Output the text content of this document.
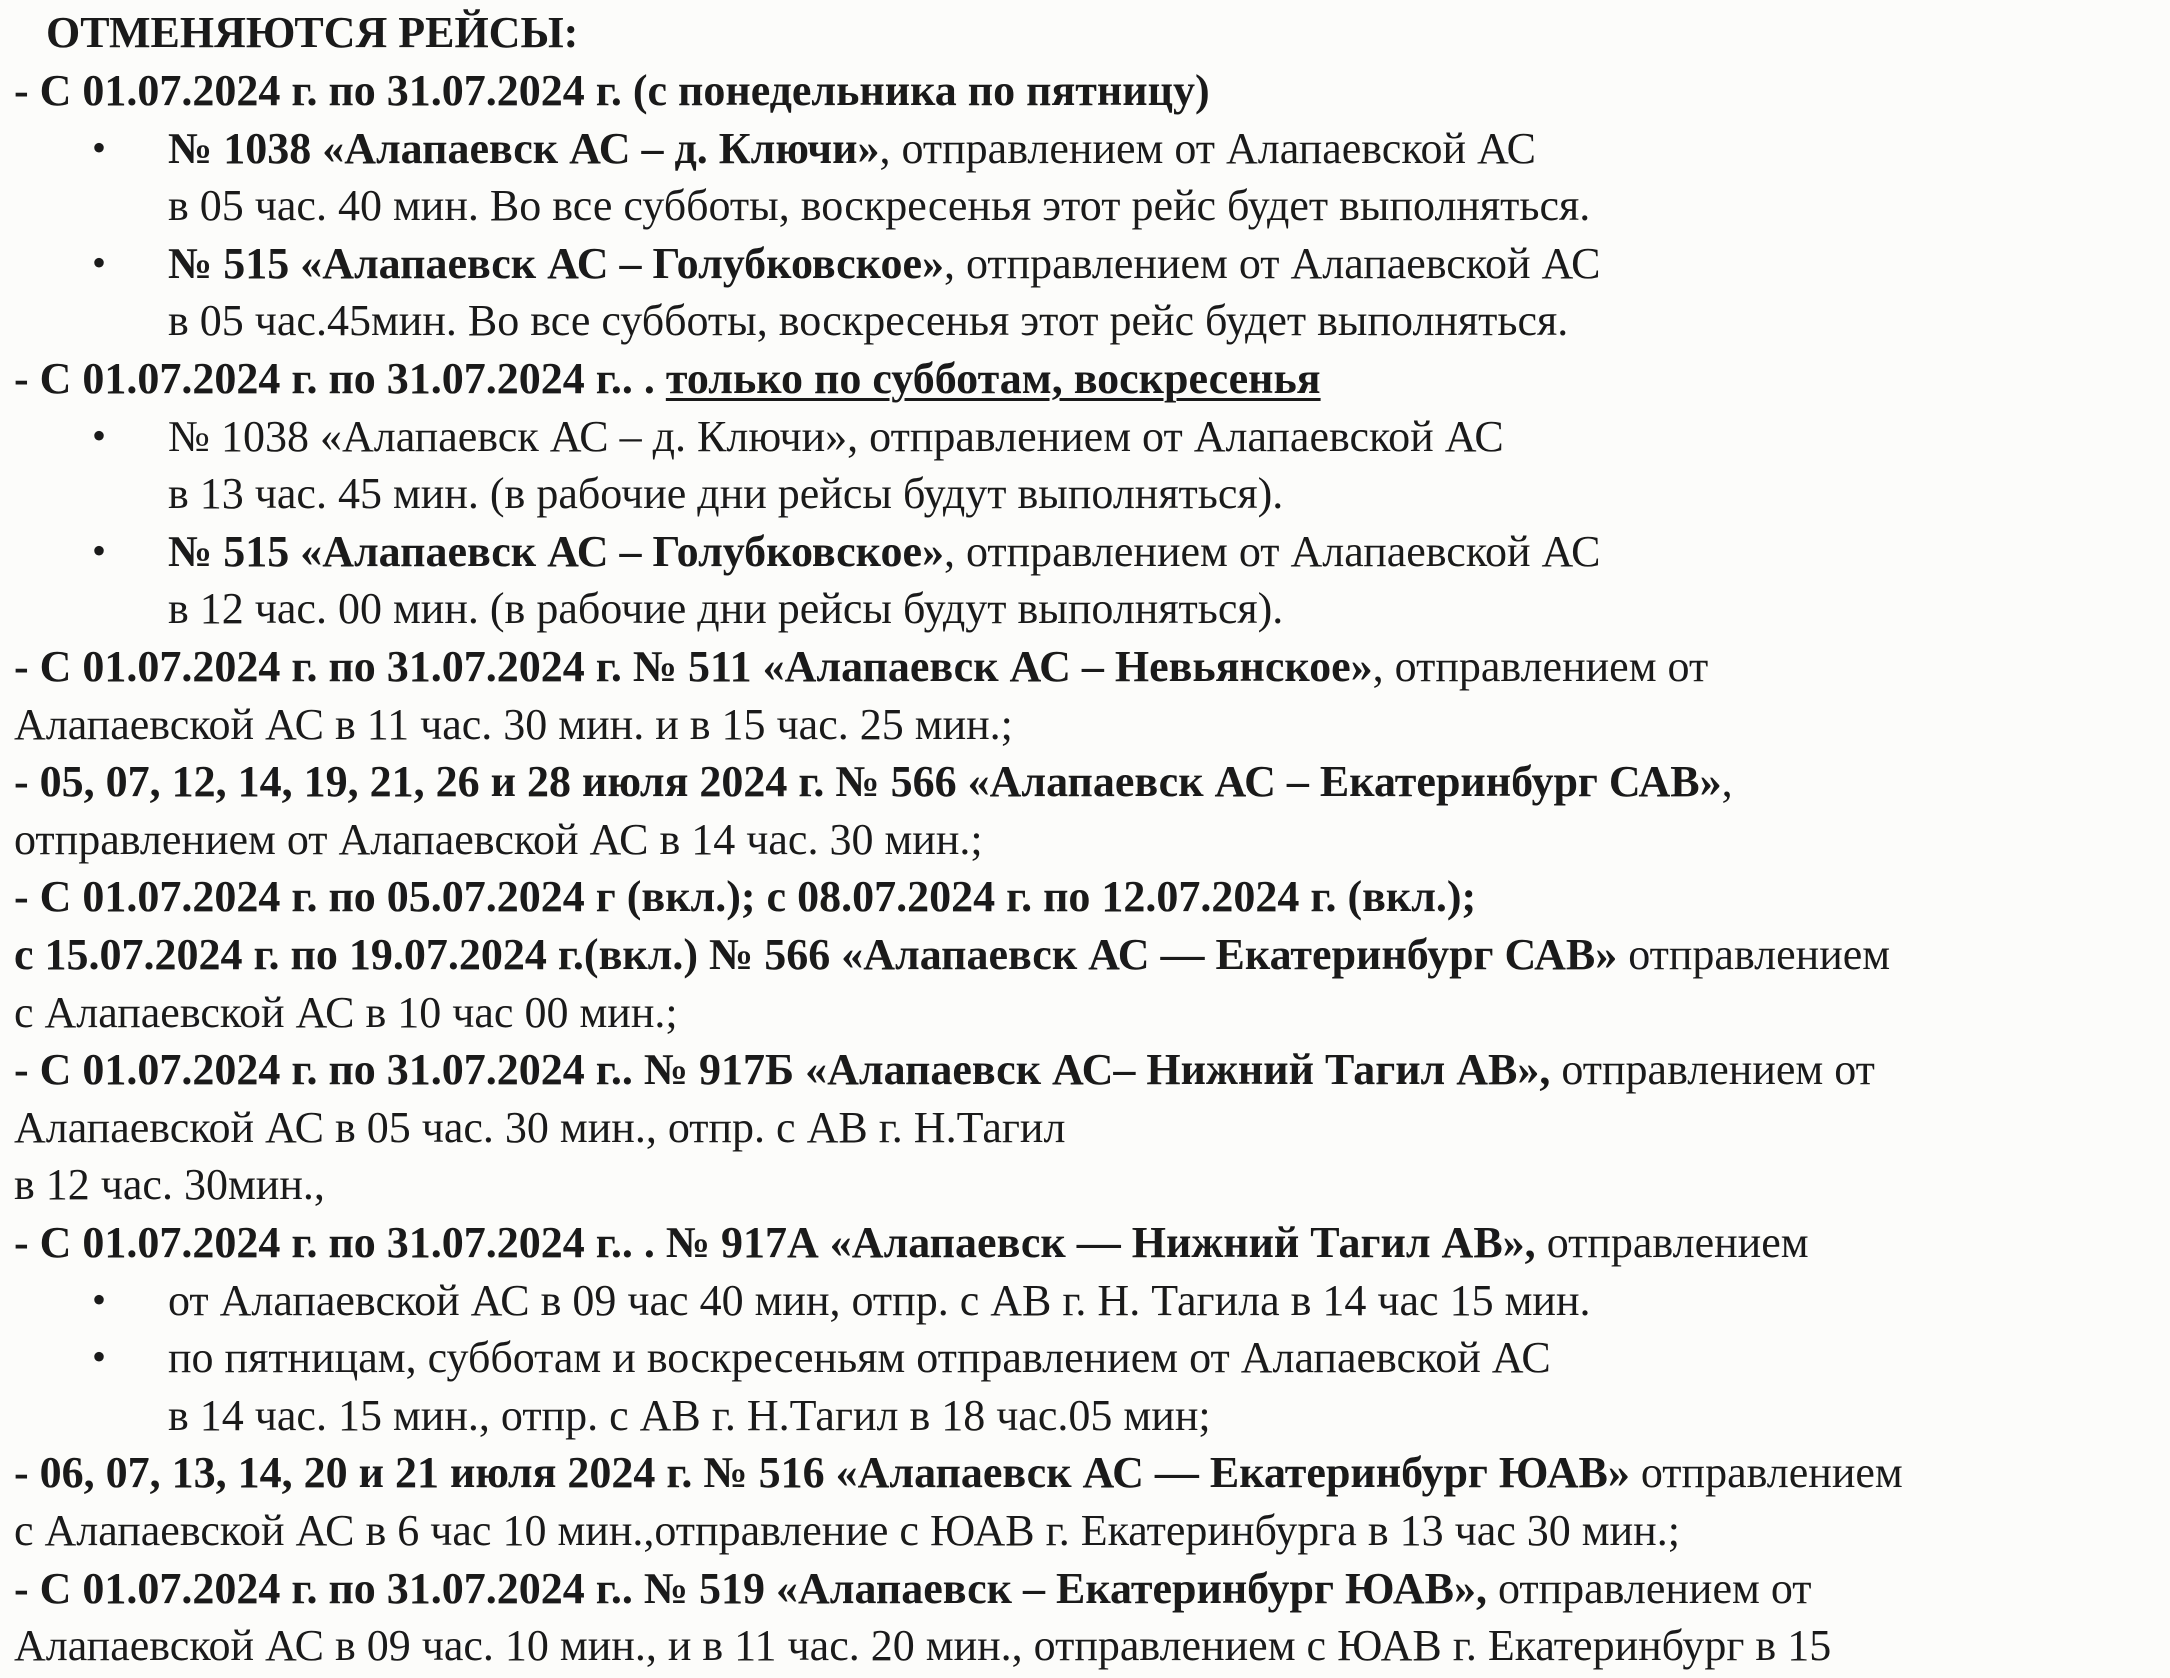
ОТМЕНЯЮТСЯ РЕЙСЫ:
- С 01.07.2024 г. по 31.07.2024 г. (с понедельника по пятницу)
№ 1038 «Алапаевск АС – д. Ключи», отправлением от Алапаевской АС
•
в 05 час. 40 мин. Во все субботы, воскресенья этот рейс будет выполняться.
№ 515 «Алапаевск АС – Голубковское», отправлением от Алапаевской АС
•
в 05 час.45мин. Во все субботы, воскресенья этот рейс будет выполняться.
- С 01.07.2024 г. по 31.07.2024 г.. . только по субботам, воскресенья
№ 1038 «Алапаевск АС – д. Ключи», отправлением от Алапаевской АС
•
в 13 час. 45 мин. (в рабочие дни рейсы будут выполняться).
№ 515 «Алапаевск АС – Голубковское», отправлением от Алапаевской АС
•
в 12 час. 00 мин. (в рабочие дни рейсы будут выполняться).
- С 01.07.2024 г. по 31.07.2024 г. № 511 «Алапаевск АС – Невьянское», отправлением от
Алапаевской АС в 11 час. 30 мин. и в 15 час. 25 мин.;
- 05, 07, 12, 14, 19, 21, 26 и 28 июля 2024 г. № 566 «Алапаевск АС – Екатеринбург САВ»,
отправлением от Алапаевской АС в 14 час. 30 мин.;
- С 01.07.2024 г. по 05.07.2024 г (вкл.); с 08.07.2024 г. по 12.07.2024 г. (вкл.);
с 15.07.2024 г. по 19.07.2024 г.(вкл.) № 566 «Алапаевск АС — Екатеринбург САВ» отправлением
с Алапаевской АС в 10 час 00 мин.;
- С 01.07.2024 г. по 31.07.2024 г.. № 917Б «Алапаевск АС– Нижний Тагил АВ», отправлением от
Алапаевской АС в 05 час. 30 мин., отпр. с АВ г. Н.Тагил
в 12 час. 30мин.,
- С 01.07.2024 г. по 31.07.2024 г.. . № 917А «Алапаевск — Нижний Тагил АВ», отправлением
от Алапаевской АС в 09 час 40 мин, отпр. с АВ г. Н. Тагила в 14 час 15 мин.
•
по пятницам, субботам и воскресеньям отправлением от Алапаевской АС
•
в 14 час. 15 мин., отпр. с АВ г. Н.Тагил в 18 час.05 мин;
- 06, 07, 13, 14, 20 и 21 июля 2024 г. № 516 «Алапаевск АС — Екатеринбург ЮАВ» отправлением
с Алапаевской АС в 6 час 10 мин.,отправление с ЮАВ г. Екатеринбурга в 13 час 30 мин.;
- С 01.07.2024 г. по 31.07.2024 г.. № 519 «Алапаевск – Екатеринбург ЮАВ», отправлением от
Алапаевской АС в 09 час. 10 мин., и в 11 час. 20 мин., отправлением с ЮАВ г. Екатеринбург в 15
